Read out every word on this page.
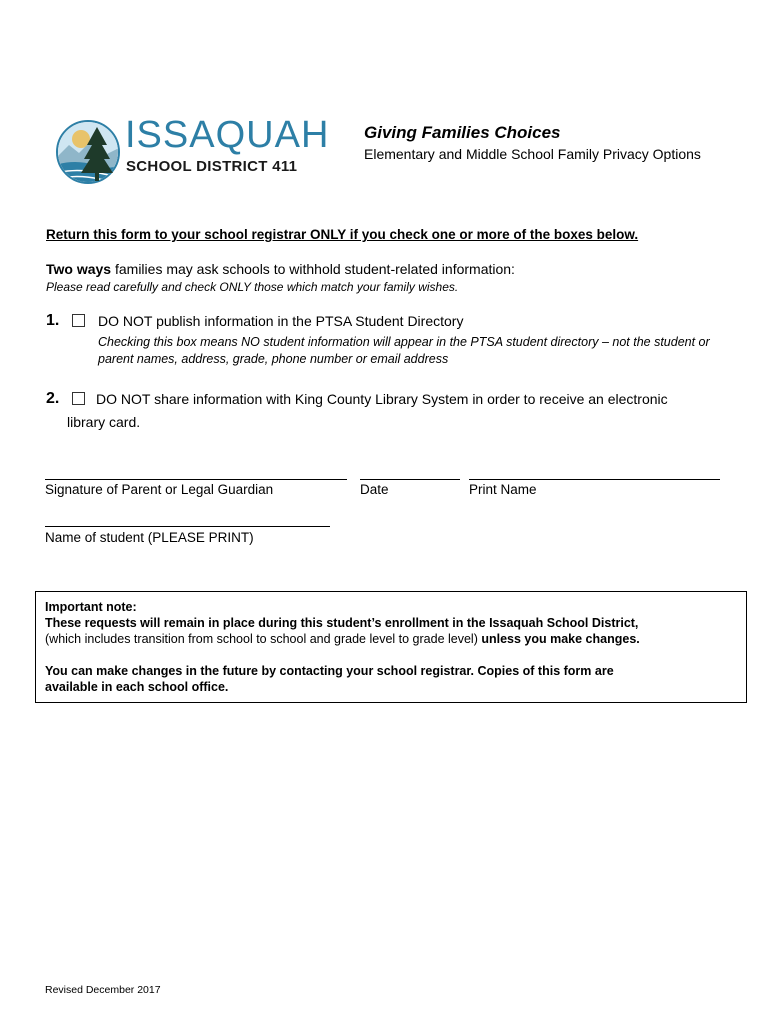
ISSAQUAH
SCHOOL DISTRICT 411
Giving Families Choices
Elementary and Middle School Family Privacy Options
Return this form to your school registrar ONLY if you check one or more of the boxes below.
Two ways families may ask schools to withhold student-related information:
Please read carefully and check ONLY those which match your family wishes.
1.	DO NOT publish information in the PTSA Student Directory
Checking this box means NO student information will appear in the PTSA student directory – not the student or parent names, address, grade, phone number or email address
2.	DO NOT share information with King County Library System in order to receive an electronic
library card.
Signature of Parent or Legal Guardian	Date	Print Name
Name of student (PLEASE PRINT)
Important note:
These requests will remain in place during this student’s enrollment in the Issaquah School District,
(which includes transition from school to school and grade level to grade level) unless you make changes.
You can make changes in the future by contacting your school registrar. Copies of this form are
available in each school office.
Revised December 2017
